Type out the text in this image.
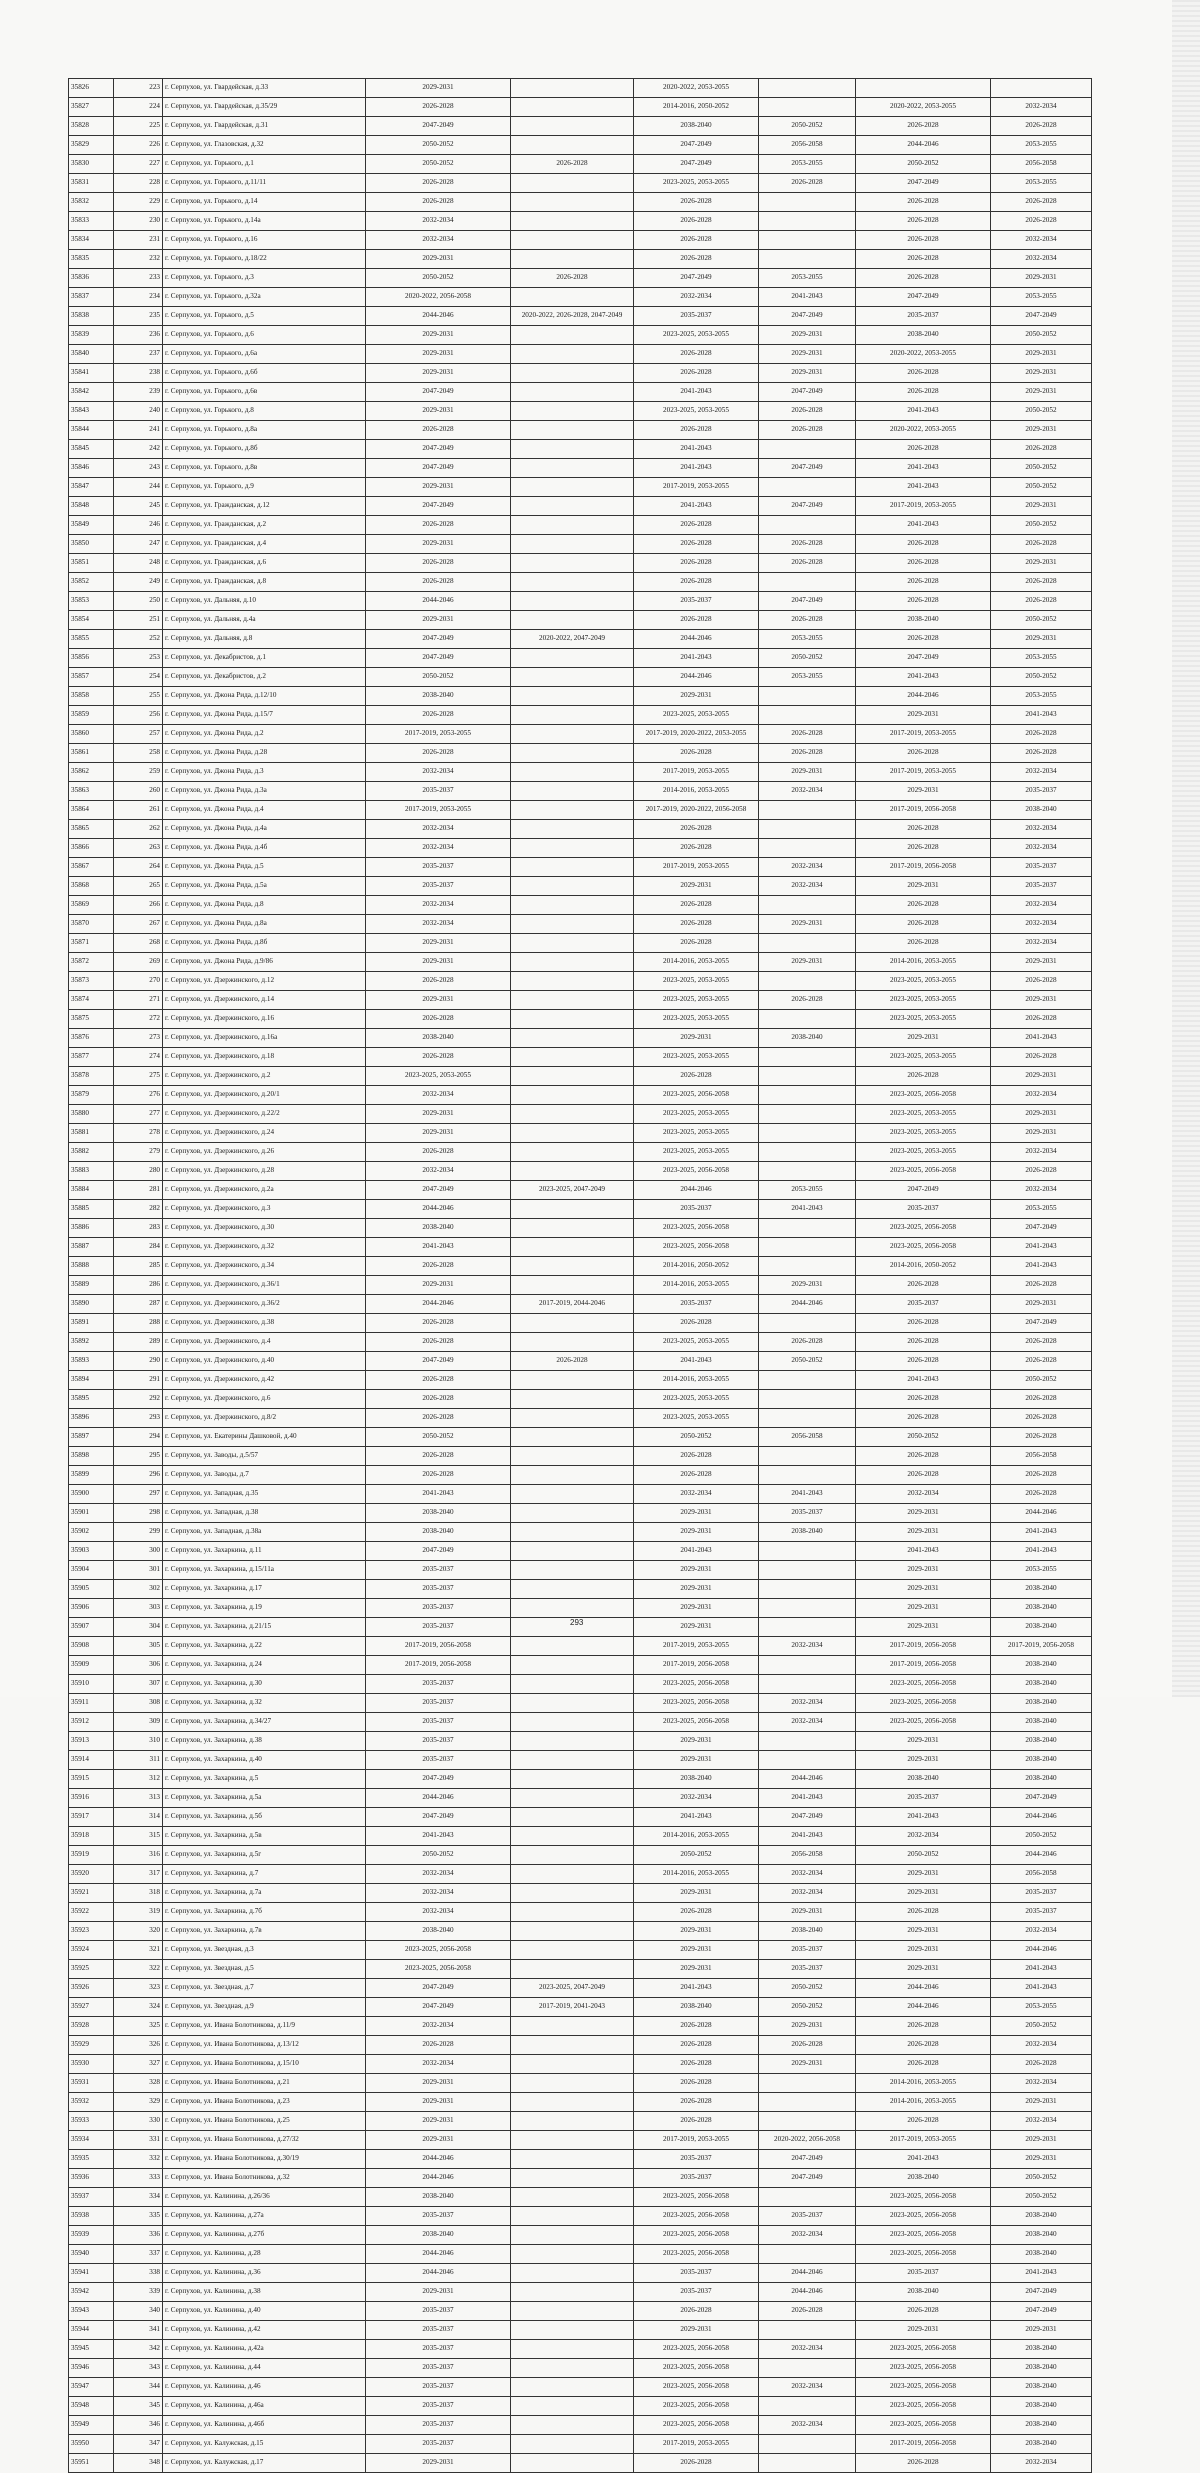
35826	223	г. Серпухов, ул. Гвардейская, д.33	2029-2031		2020-2022, 2053-2055			
35827	224	г. Серпухов, ул. Гвардейская, д.35/29	2026-2028		2014-2016, 2050-2052		2020-2022, 2053-2055	2032-2034
35828	225	г. Серпухов, ул. Гвардейская, д.31	2047-2049		2038-2040	2050-2052	2026-2028	2026-2028
35829	226	г. Серпухов, ул. Глазовская, д.32	2050-2052		2047-2049	2056-2058	2044-2046	2053-2055
35830	227	г. Серпухов, ул. Горького, д.1	2050-2052	2026-2028	2047-2049	2053-2055	2050-2052	2056-2058
35831	228	г. Серпухов, ул. Горького, д.11/11	2026-2028		2023-2025, 2053-2055	2026-2028	2047-2049	2053-2055
35832	229	г. Серпухов, ул. Горького, д.14	2026-2028		2026-2028		2026-2028	2026-2028
35833	230	г. Серпухов, ул. Горького, д.14а	2032-2034		2026-2028		2026-2028	2026-2028
35834	231	г. Серпухов, ул. Горького, д.16	2032-2034		2026-2028		2026-2028	2032-2034
35835	232	г. Серпухов, ул. Горького, д.18/22	2029-2031		2026-2028		2026-2028	2032-2034
35836	233	г. Серпухов, ул. Горького, д.3	2050-2052	2026-2028	2047-2049	2053-2055	2026-2028	2029-2031
35837	234	г. Серпухов, ул. Горького, д.32а	2020-2022, 2056-2058		2032-2034	2041-2043	2047-2049	2053-2055
35838	235	г. Серпухов, ул. Горького, д.5	2044-2046	2020-2022, 2026-2028, 2047-2049	2035-2037	2047-2049	2035-2037	2047-2049
35839	236	г. Серпухов, ул. Горького, д.6	2029-2031		2023-2025, 2053-2055	2029-2031	2038-2040	2050-2052
35840	237	г. Серпухов, ул. Горького, д.6а	2029-2031		2026-2028	2029-2031	2020-2022, 2053-2055	2029-2031
35841	238	г. Серпухов, ул. Горького, д.6б	2029-2031		2026-2028	2029-2031	2026-2028	2029-2031
35842	239	г. Серпухов, ул. Горького, д.6в	2047-2049		2041-2043	2047-2049	2026-2028	2029-2031
35843	240	г. Серпухов, ул. Горького, д.8	2029-2031		2023-2025, 2053-2055	2026-2028	2041-2043	2050-2052
35844	241	г. Серпухов, ул. Горького, д.8а	2026-2028		2026-2028	2026-2028	2020-2022, 2053-2055	2029-2031
35845	242	г. Серпухов, ул. Горького, д.8б	2047-2049		2041-2043		2026-2028	2026-2028
35846	243	г. Серпухов, ул. Горького, д.8в	2047-2049		2041-2043	2047-2049	2041-2043	2050-2052
35847	244	г. Серпухов, ул. Горького, д.9	2029-2031		2017-2019, 2053-2055		2041-2043	2050-2052
35848	245	г. Серпухов, ул. Гражданская, д.12	2047-2049		2041-2043	2047-2049	2017-2019, 2053-2055	2029-2031
35849	246	г. Серпухов, ул. Гражданская, д.2	2026-2028		2026-2028		2041-2043	2050-2052
35850	247	г. Серпухов, ул. Гражданская, д.4	2029-2031		2026-2028	2026-2028	2026-2028	2026-2028
35851	248	г. Серпухов, ул. Гражданская, д.6	2026-2028		2026-2028	2026-2028	2026-2028	2029-2031
35852	249	г. Серпухов, ул. Гражданская, д.8	2026-2028		2026-2028		2026-2028	2026-2028
35853	250	г. Серпухов, ул. Дальняя, д.10	2044-2046		2035-2037	2047-2049	2026-2028	2026-2028
35854	251	г. Серпухов, ул. Дальняя, д.4а	2029-2031		2026-2028	2026-2028	2038-2040	2050-2052
35855	252	г. Серпухов, ул. Дальняя, д.8	2047-2049	2020-2022, 2047-2049	2044-2046	2053-2055	2026-2028	2029-2031
35856	253	г. Серпухов, ул. Декабристов, д.1	2047-2049		2041-2043	2050-2052	2047-2049	2053-2055
35857	254	г. Серпухов, ул. Декабристов, д.2	2050-2052		2044-2046	2053-2055	2041-2043	2050-2052
35858	255	г. Серпухов, ул. Джона Рида, д.12/10	2038-2040		2029-2031		2044-2046	2053-2055
35859	256	г. Серпухов, ул. Джона Рида, д.15/7	2026-2028		2023-2025, 2053-2055		2029-2031	2041-2043
35860	257	г. Серпухов, ул. Джона Рида, д.2	2017-2019, 2053-2055		2017-2019, 2020-2022, 2053-2055	2026-2028	2017-2019, 2053-2055	2026-2028
35861	258	г. Серпухов, ул. Джона Рида, д.28	2026-2028		2026-2028	2026-2028	2026-2028	2026-2028
35862	259	г. Серпухов, ул. Джона Рида, д.3	2032-2034		2017-2019, 2053-2055	2029-2031	2017-2019, 2053-2055	2032-2034
35863	260	г. Серпухов, ул. Джона Рида, д.3а	2035-2037		2014-2016, 2053-2055	2032-2034	2029-2031	2035-2037
35864	261	г. Серпухов, ул. Джона Рида, д.4	2017-2019, 2053-2055		2017-2019, 2020-2022, 2056-2058		2017-2019, 2056-2058	2038-2040
35865	262	г. Серпухов, ул. Джона Рида, д.4а	2032-2034		2026-2028		2026-2028	2032-2034
35866	263	г. Серпухов, ул. Джона Рида, д.4б	2032-2034		2026-2028		2026-2028	2032-2034
35867	264	г. Серпухов, ул. Джона Рида, д.5	2035-2037		2017-2019, 2053-2055	2032-2034	2017-2019, 2056-2058	2035-2037
35868	265	г. Серпухов, ул. Джона Рида, д.5а	2035-2037		2029-2031	2032-2034	2029-2031	2035-2037
35869	266	г. Серпухов, ул. Джона Рида, д.8	2032-2034		2026-2028		2026-2028	2032-2034
35870	267	г. Серпухов, ул. Джона Рида, д.8а	2032-2034		2026-2028	2029-2031	2026-2028	2032-2034
35871	268	г. Серпухов, ул. Джона Рида, д.8б	2029-2031		2026-2028		2026-2028	2032-2034
35872	269	г. Серпухов, ул. Джона Рида, д.9/86	2029-2031		2014-2016, 2053-2055	2029-2031	2014-2016, 2053-2055	2029-2031
35873	270	г. Серпухов, ул. Дзержинского, д.12	2026-2028		2023-2025, 2053-2055		2023-2025, 2053-2055	2026-2028
35874	271	г. Серпухов, ул. Дзержинского, д.14	2029-2031		2023-2025, 2053-2055	2026-2028	2023-2025, 2053-2055	2029-2031
35875	272	г. Серпухов, ул. Дзержинского, д.16	2026-2028		2023-2025, 2053-2055		2023-2025, 2053-2055	2026-2028
35876	273	г. Серпухов, ул. Дзержинского, д.16а	2038-2040		2029-2031	2038-2040	2029-2031	2041-2043
35877	274	г. Серпухов, ул. Дзержинского, д.18	2026-2028		2023-2025, 2053-2055		2023-2025, 2053-2055	2026-2028
35878	275	г. Серпухов, ул. Дзержинского, д.2	2023-2025, 2053-2055		2026-2028		2026-2028	2029-2031
35879	276	г. Серпухов, ул. Дзержинского, д.20/1	2032-2034		2023-2025, 2056-2058		2023-2025, 2056-2058	2032-2034
35880	277	г. Серпухов, ул. Дзержинского, д.22/2	2029-2031		2023-2025, 2053-2055		2023-2025, 2053-2055	2029-2031
35881	278	г. Серпухов, ул. Дзержинского, д.24	2029-2031		2023-2025, 2053-2055		2023-2025, 2053-2055	2029-2031
35882	279	г. Серпухов, ул. Дзержинского, д.26	2026-2028		2023-2025, 2053-2055		2023-2025, 2053-2055	2032-2034
35883	280	г. Серпухов, ул. Дзержинского, д.28	2032-2034		2023-2025, 2056-2058		2023-2025, 2056-2058	2026-2028
35884	281	г. Серпухов, ул. Дзержинского, д.2а	2047-2049	2023-2025, 2047-2049	2044-2046	2053-2055	2047-2049	2032-2034
35885	282	г. Серпухов, ул. Дзержинского, д.3	2044-2046		2035-2037	2041-2043	2035-2037	2053-2055
35886	283	г. Серпухов, ул. Дзержинского, д.30	2038-2040		2023-2025, 2056-2058		2023-2025, 2056-2058	2047-2049
35887	284	г. Серпухов, ул. Дзержинского, д.32	2041-2043		2023-2025, 2056-2058		2023-2025, 2056-2058	2041-2043
35888	285	г. Серпухов, ул. Дзержинского, д.34	2026-2028		2014-2016, 2050-2052		2014-2016, 2050-2052	2041-2043
35889	286	г. Серпухов, ул. Дзержинского, д.36/1	2029-2031		2014-2016, 2053-2055	2029-2031	2026-2028	2026-2028
35890	287	г. Серпухов, ул. Дзержинского, д.36/2	2044-2046	2017-2019, 2044-2046	2035-2037	2044-2046	2035-2037	2029-2031
35891	288	г. Серпухов, ул. Дзержинского, д.38	2026-2028		2026-2028		2026-2028	2047-2049
35892	289	г. Серпухов, ул. Дзержинского, д.4	2026-2028		2023-2025, 2053-2055	2026-2028	2026-2028	2026-2028
35893	290	г. Серпухов, ул. Дзержинского, д.40	2047-2049	2026-2028	2041-2043	2050-2052	2026-2028	2026-2028
35894	291	г. Серпухов, ул. Дзержинского, д.42	2026-2028		2014-2016, 2053-2055		2041-2043	2050-2052
35895	292	г. Серпухов, ул. Дзержинского, д.6	2026-2028		2023-2025, 2053-2055		2026-2028	2026-2028
35896	293	г. Серпухов, ул. Дзержинского, д.8/2	2026-2028		2023-2025, 2053-2055		2026-2028	2026-2028
35897	294	г. Серпухов, ул. Екатерины Дашковой, д.40	2050-2052		2050-2052	2056-2058	2050-2052	2026-2028
35898	295	г. Серпухов, ул. Заводы, д.5/57	2026-2028		2026-2028		2026-2028	2056-2058
35899	296	г. Серпухов, ул. Заводы, д.7	2026-2028		2026-2028		2026-2028	2026-2028
35900	297	г. Серпухов, ул. Западная, д.35	2041-2043		2032-2034	2041-2043	2032-2034	2026-2028
35901	298	г. Серпухов, ул. Западная, д.38	2038-2040		2029-2031	2035-2037	2029-2031	2044-2046
35902	299	г. Серпухов, ул. Западная, д.38а	2038-2040		2029-2031	2038-2040	2029-2031	2041-2043
35903	300	г. Серпухов, ул. Захаркина, д.11	2047-2049		2041-2043		2041-2043	2041-2043
35904	301	г. Серпухов, ул. Захаркина, д.15/11а	2035-2037		2029-2031		2029-2031	2053-2055
35905	302	г. Серпухов, ул. Захаркина, д.17	2035-2037		2029-2031		2029-2031	2038-2040
35906	303	г. Серпухов, ул. Захаркина, д.19	2035-2037		2029-2031		2029-2031	2038-2040
35907	304	г. Серпухов, ул. Захаркина, д.21/15	2035-2037		2029-2031		2029-2031	2038-2040
35908	305	г. Серпухов, ул. Захаркина, д.22	2017-2019, 2056-2058		2017-2019, 2053-2055	2032-2034	2017-2019, 2056-2058	2017-2019, 2056-2058
35909	306	г. Серпухов, ул. Захаркина, д.24	2017-2019, 2056-2058		2017-2019, 2056-2058		2017-2019, 2056-2058	2038-2040
35910	307	г. Серпухов, ул. Захаркина, д.30	2035-2037		2023-2025, 2056-2058		2023-2025, 2056-2058	2038-2040
35911	308	г. Серпухов, ул. Захаркина, д.32	2035-2037		2023-2025, 2056-2058	2032-2034	2023-2025, 2056-2058	2038-2040
35912	309	г. Серпухов, ул. Захаркина, д.34/27	2035-2037		2023-2025, 2056-2058	2032-2034	2023-2025, 2056-2058	2038-2040
35913	310	г. Серпухов, ул. Захаркина, д.38	2035-2037		2029-2031		2029-2031	2038-2040
35914	311	г. Серпухов, ул. Захаркина, д.40	2035-2037		2029-2031		2029-2031	2038-2040
35915	312	г. Серпухов, ул. Захаркина, д.5	2047-2049		2038-2040	2044-2046	2038-2040	2038-2040
35916	313	г. Серпухов, ул. Захаркина, д.5а	2044-2046		2032-2034	2041-2043	2035-2037	2047-2049
35917	314	г. Серпухов, ул. Захаркина, д.5б	2047-2049		2041-2043	2047-2049	2041-2043	2044-2046
35918	315	г. Серпухов, ул. Захаркина, д.5в	2041-2043		2014-2016, 2053-2055	2041-2043	2032-2034	2050-2052
35919	316	г. Серпухов, ул. Захаркина, д.5г	2050-2052		2050-2052	2056-2058	2050-2052	2044-2046
35920	317	г. Серпухов, ул. Захаркина, д.7	2032-2034		2014-2016, 2053-2055	2032-2034	2029-2031	2056-2058
35921	318	г. Серпухов, ул. Захаркина, д.7а	2032-2034		2029-2031	2032-2034	2029-2031	2035-2037
35922	319	г. Серпухов, ул. Захаркина, д.7б	2032-2034		2026-2028	2029-2031	2026-2028	2035-2037
35923	320	г. Серпухов, ул. Захаркина, д.7в	2038-2040		2029-2031	2038-2040	2029-2031	2032-2034
35924	321	г. Серпухов, ул. Звездная, д.3	2023-2025, 2056-2058		2029-2031	2035-2037	2029-2031	2044-2046
35925	322	г. Серпухов, ул. Звездная, д.5	2023-2025, 2056-2058		2029-2031	2035-2037	2029-2031	2041-2043
35926	323	г. Серпухов, ул. Звездная, д.7	2047-2049	2023-2025, 2047-2049	2041-2043	2050-2052	2044-2046	2041-2043
35927	324	г. Серпухов, ул. Звездная, д.9	2047-2049	2017-2019, 2041-2043	2038-2040	2050-2052	2044-2046	2053-2055
35928	325	г. Серпухов, ул. Ивана Болотникова, д.11/9	2032-2034		2026-2028	2029-2031	2026-2028	2050-2052
35929	326	г. Серпухов, ул. Ивана Болотникова, д.13/12	2026-2028		2026-2028	2026-2028	2026-2028	2032-2034
35930	327	г. Серпухов, ул. Ивана Болотникова, д.15/10	2032-2034		2026-2028	2029-2031	2026-2028	2026-2028
35931	328	г. Серпухов, ул. Ивана Болотникова, д.21	2029-2031		2026-2028		2014-2016, 2053-2055	2032-2034
35932	329	г. Серпухов, ул. Ивана Болотникова, д.23	2029-2031		2026-2028		2014-2016, 2053-2055	2029-2031
35933	330	г. Серпухов, ул. Ивана Болотникова, д.25	2029-2031		2026-2028		2026-2028	2032-2034
35934	331	г. Серпухов, ул. Ивана Болотникова, д.27/32	2029-2031		2017-2019, 2053-2055	2020-2022, 2056-2058	2017-2019, 2053-2055	2029-2031
35935	332	г. Серпухов, ул. Ивана Болотникова, д.30/19	2044-2046		2035-2037	2047-2049	2041-2043	2029-2031
35936	333	г. Серпухов, ул. Ивана Болотникова, д.32	2044-2046		2035-2037	2047-2049	2038-2040	2050-2052
35937	334	г. Серпухов, ул. Калинина, д.26/36	2038-2040		2023-2025, 2056-2058		2023-2025, 2056-2058	2050-2052
35938	335	г. Серпухов, ул. Калинина, д.27а	2035-2037		2023-2025, 2056-2058	2035-2037	2023-2025, 2056-2058	2038-2040
35939	336	г. Серпухов, ул. Калинина, д.27б	2038-2040		2023-2025, 2056-2058	2032-2034	2023-2025, 2056-2058	2038-2040
35940	337	г. Серпухов, ул. Калинина, д.28	2044-2046		2023-2025, 2056-2058		2023-2025, 2056-2058	2038-2040
35941	338	г. Серпухов, ул. Калинина, д.36	2044-2046		2035-2037	2044-2046	2035-2037	2041-2043
35942	339	г. Серпухов, ул. Калинина, д.38	2029-2031		2035-2037	2044-2046	2038-2040	2047-2049
35943	340	г. Серпухов, ул. Калинина, д.40	2035-2037		2026-2028	2026-2028	2026-2028	2047-2049
35944	341	г. Серпухов, ул. Калинина, д.42	2035-2037		2029-2031		2029-2031	2029-2031
35945	342	г. Серпухов, ул. Калинина, д.42а	2035-2037		2023-2025, 2056-2058	2032-2034	2023-2025, 2056-2058	2038-2040
35946	343	г. Серпухов, ул. Калинина, д.44	2035-2037		2023-2025, 2056-2058		2023-2025, 2056-2058	2038-2040
35947	344	г. Серпухов, ул. Калинина, д.46	2035-2037		2023-2025, 2056-2058	2032-2034	2023-2025, 2056-2058	2038-2040
35948	345	г. Серпухов, ул. Калинина, д.46а	2035-2037		2023-2025, 2056-2058		2023-2025, 2056-2058	2038-2040
35949	346	г. Серпухов, ул. Калинина, д.46б	2035-2037		2023-2025, 2056-2058	2032-2034	2023-2025, 2056-2058	2038-2040
35950	347	г. Серпухов, ул. Калужская, д.15	2035-2037		2017-2019, 2053-2055		2017-2019, 2056-2058	2038-2040
35951	348	г. Серпухов, ул. Калужская, д.17	2029-2031		2026-2028		2026-2028	2032-2034
293
